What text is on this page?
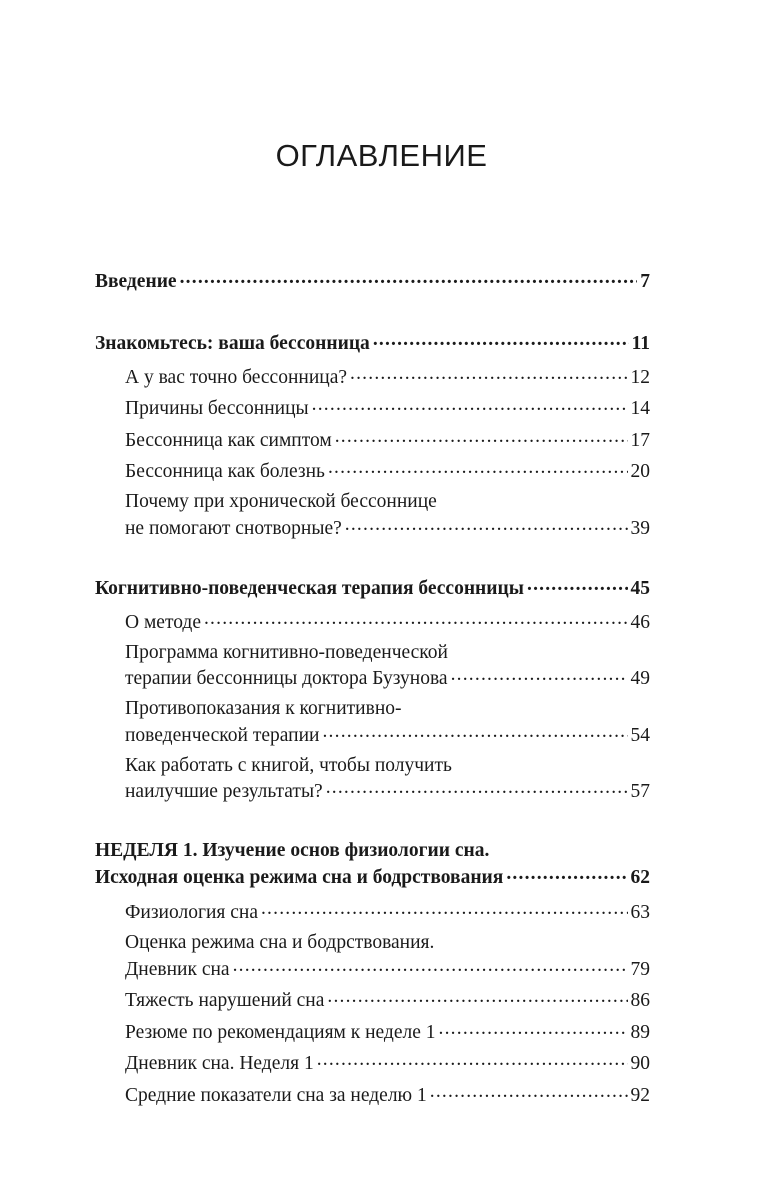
ОГЛАВЛЕНИЕ
Введение .....	7
Знакомьтесь: ваша бессонница .....	11
А у вас точно бессонница? .....	12
Причины бессонницы .....	14
Бессонница как симптом .....	17
Бессонница как болезнь .....	20
Почему при хронической бессоннице
не помогают снотворные? .....	39
Когнитивно-поведенческая терапия бессонницы .....	45
О методе .....	46
Программа когнитивно-поведенческой
терапии бессонницы доктора Бузунова .....	49
Противопоказания к когнитивно-
поведенческой терапии .....	54
Как работать с книгой, чтобы получить
наилучшие результаты? .....	57
НЕДЕЛЯ 1. Изучение основ физиологии сна.
Исходная оценка режима сна и бодрствования .....	62
Физиология сна .....	63
Оценка режима сна и бодрствования.
Дневник сна .....	79
Тяжесть нарушений сна .....	86
Резюме по рекомендациям к неделе 1 .....	89
Дневник сна. Неделя 1 .....	90
Средние показатели сна за неделю 1 .....	92
